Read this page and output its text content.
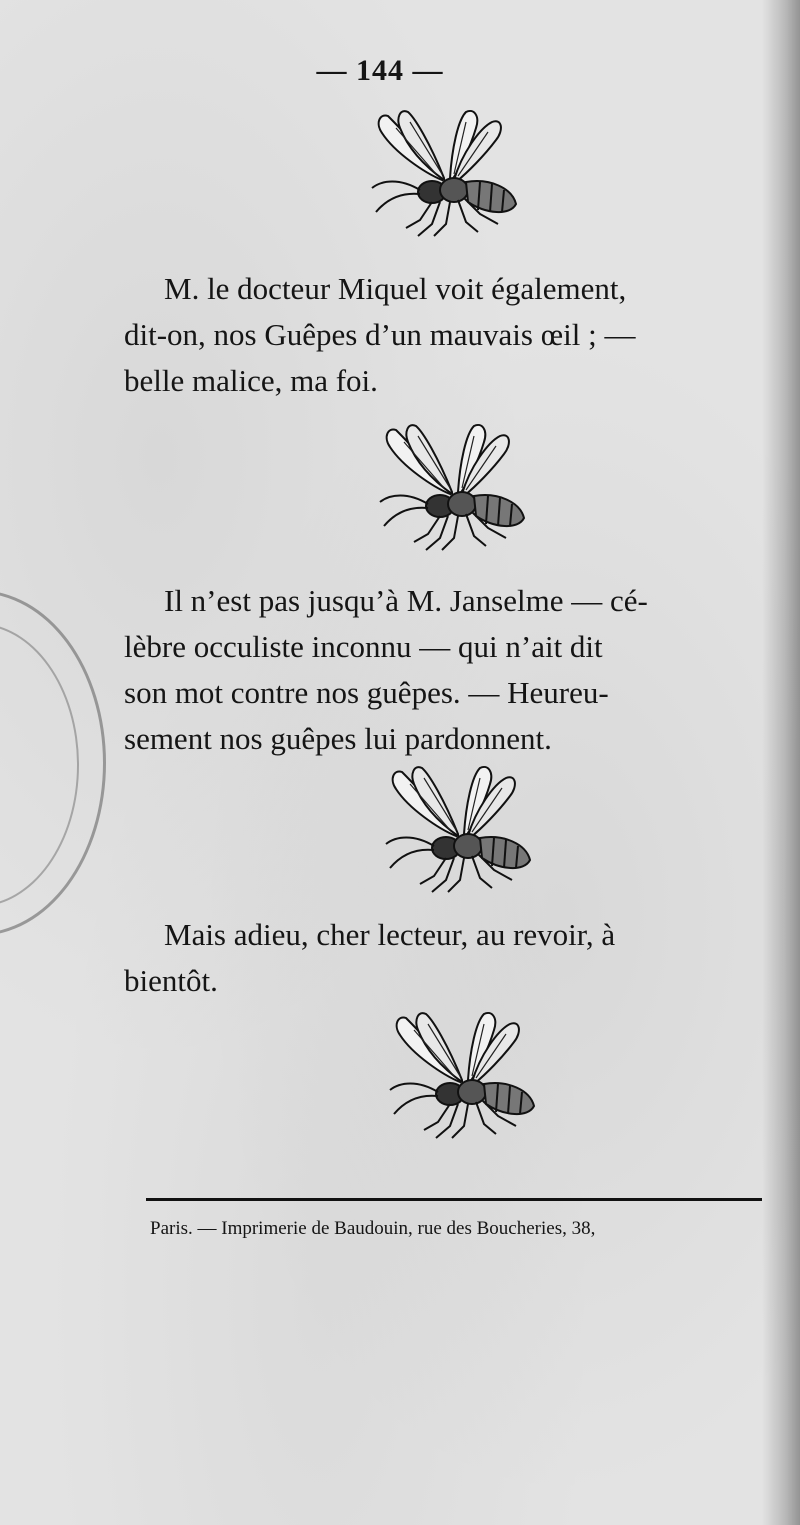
— 144 —

M. le docteur Miquel voit également,

dit-on, nos Guêpes d’un mauvais œil ; —

belle malice, ma foi.

Il n’est pas jusqu’à M. Janselme — cé-

lèbre occuliste inconnu — qui n’ait dit

son mot contre nos guêpes. — Heureu-

sement nos guêpes lui pardonnent.

Mais adieu, cher lecteur, au revoir, à

bientôt.

Paris. — Imprimerie de Baudouin, rue des Boucheries, 38,
